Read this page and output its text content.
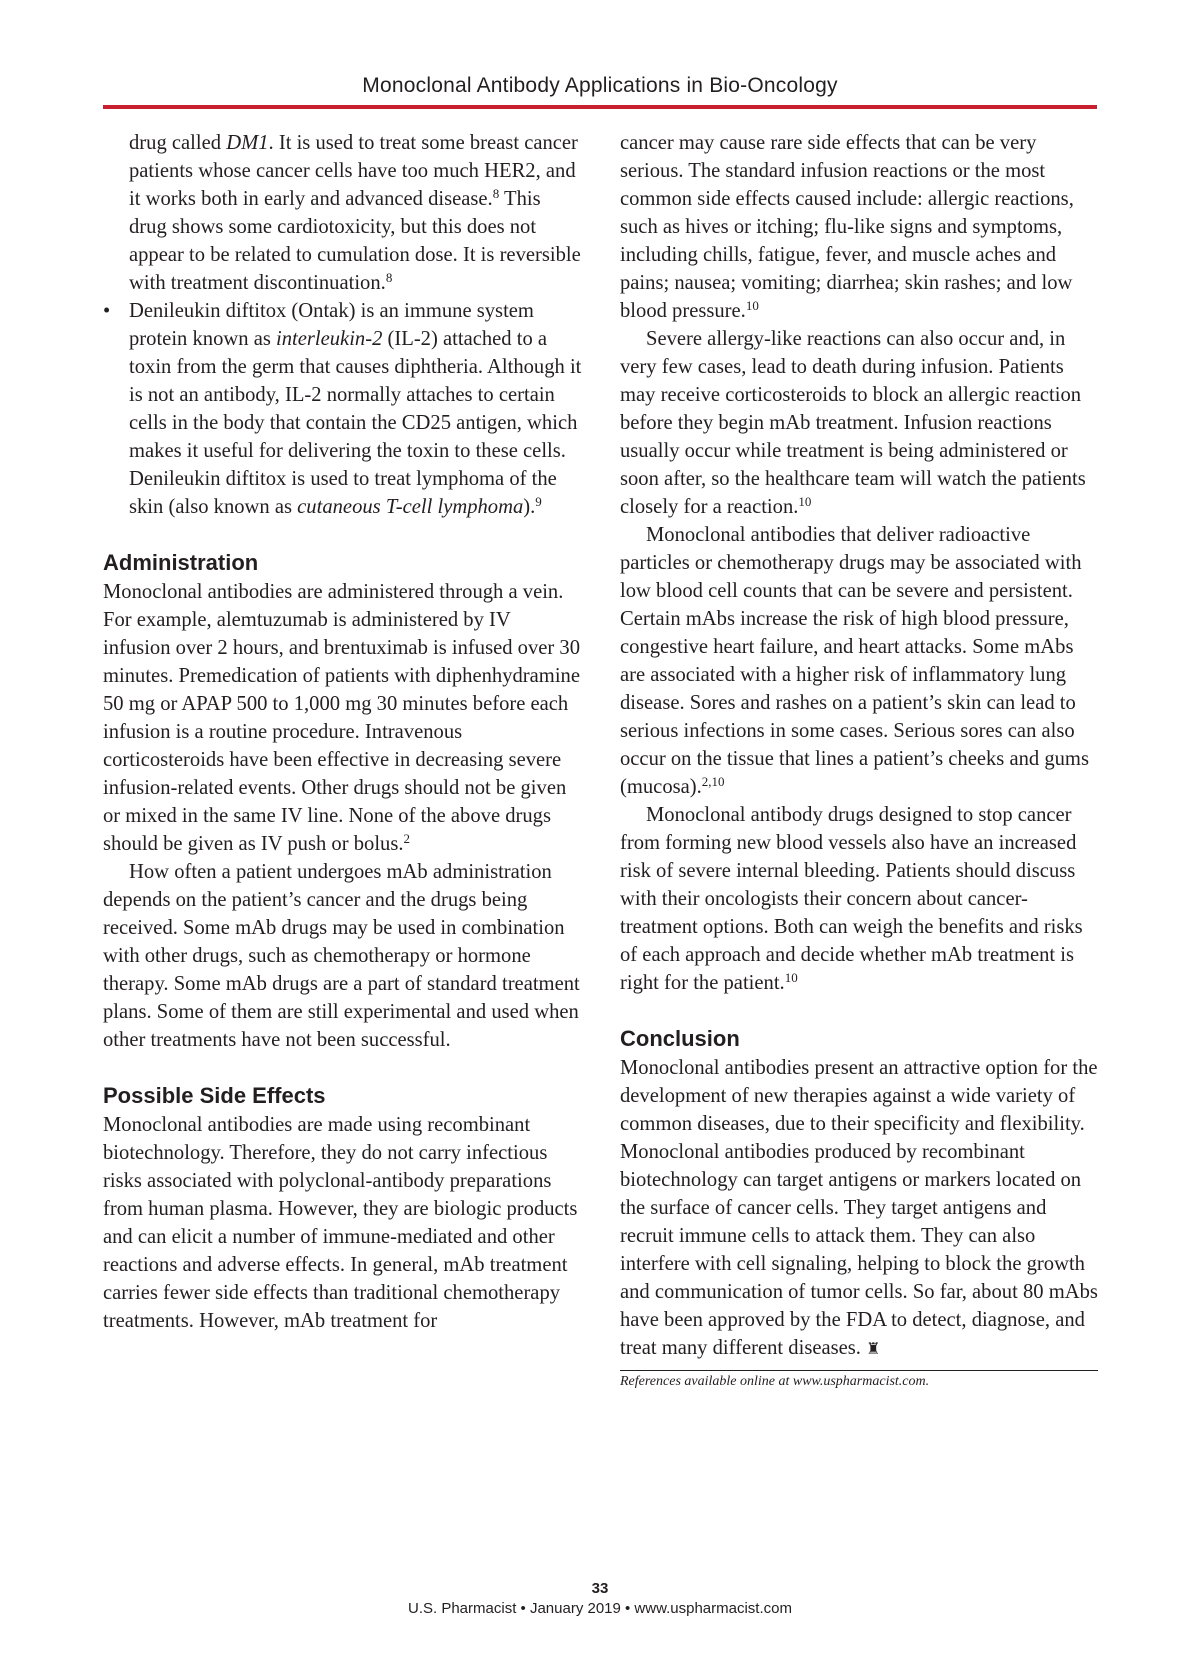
Monoclonal Antibody Applications in Bio-Oncology

drug called DM1. It is used to treat some breast cancer patients whose cancer cells have too much HER2, and it works both in early and advanced disease.$^8$ This drug shows some cardiotoxicity, but this does not appear to be related to cumulation dose. It is reversible with treatment discontinuation.$^8$

• Denileukin diftitox (Ontak) is an immune system protein known as interleukin-2 (IL-2) attached to a toxin from the germ that causes diphtheria. Although it is not an antibody, IL-2 normally attaches to certain cells in the body that contain the CD25 antigen, which makes it useful for delivering the toxin to these cells. Denileukin diftitox is used to treat lymphoma of the skin (also known as cutaneous T-cell lymphoma).$^9$

Administration

Monoclonal antibodies are administered through a vein. For example, alemtuzumab is administered by IV infusion over 2 hours, and brentuximab is infused over 30 minutes. Premedication of patients with diphenhydramine 50 mg or APAP 500 to 1,000 mg 30 minutes before each infusion is a routine procedure. Intravenous corticosteroids have been effective in decreasing severe infusion-related events. Other drugs should not be given or mixed in the same IV line. None of the above drugs should be given as IV push or bolus.$^2$

How often a patient undergoes mAb administration depends on the patient’s cancer and the drugs being received. Some mAb drugs may be used in combination with other drugs, such as chemotherapy or hormone therapy. Some mAb drugs are a part of standard treatment plans. Some of them are still experimental and used when other treatments have not been successful.

Possible Side Effects

Monoclonal antibodies are made using recombinant biotechnology. Therefore, they do not carry infectious risks associated with polyclonal-antibody preparations from human plasma. However, they are biologic products and can elicit a number of immune-mediated and other reactions and adverse effects. In general, mAb treatment carries fewer side effects than traditional chemotherapy treatments. However, mAb treatment for

cancer may cause rare side effects that can be very serious. The standard infusion reactions or the most common side effects caused include: allergic reactions, such as hives or itching; flu-like signs and symptoms, including chills, fatigue, fever, and muscle aches and pains; nausea; vomiting; diarrhea; skin rashes; and low blood pressure.$^{10}$

Severe allergy-like reactions can also occur and, in very few cases, lead to death during infusion. Patients may receive corticosteroids to block an allergic reaction before they begin mAb treatment. Infusion reactions usually occur while treatment is being administered or soon after, so the healthcare team will watch the patients closely for a reaction.$^{10}$

Monoclonal antibodies that deliver radioactive particles or chemotherapy drugs may be associated with low blood cell counts that can be severe and persistent. Certain mAbs increase the risk of high blood pressure, congestive heart failure, and heart attacks. Some mAbs are associated with a higher risk of inflammatory lung disease. Sores and rashes on a patient’s skin can lead to serious infections in some cases. Serious sores can also occur on the tissue that lines a patient’s cheeks and gums (mucosa).$^{2,10}$

Monoclonal antibody drugs designed to stop cancer from forming new blood vessels also have an increased risk of severe internal bleeding. Patients should discuss with their oncologists their concern about cancer-treatment options. Both can weigh the benefits and risks of each approach and decide whether mAb treatment is right for the patient.$^{10}$

Conclusion

Monoclonal antibodies present an attractive option for the development of new therapies against a wide variety of common diseases, due to their specificity and flexibility. Monoclonal antibodies produced by recombinant biotechnology can target antigens or markers located on the surface of cancer cells. They target antigens and recruit immune cells to attack them. They can also interfere with cell signaling, helping to block the growth and communication of tumor cells. So far, about 80 mAbs have been approved by the FDA to detect, diagnose, and treat many different diseases. ♜

References available online at www.uspharmacist.com.

33
U.S. Pharmacist • January 2019 • www.uspharmacist.com
